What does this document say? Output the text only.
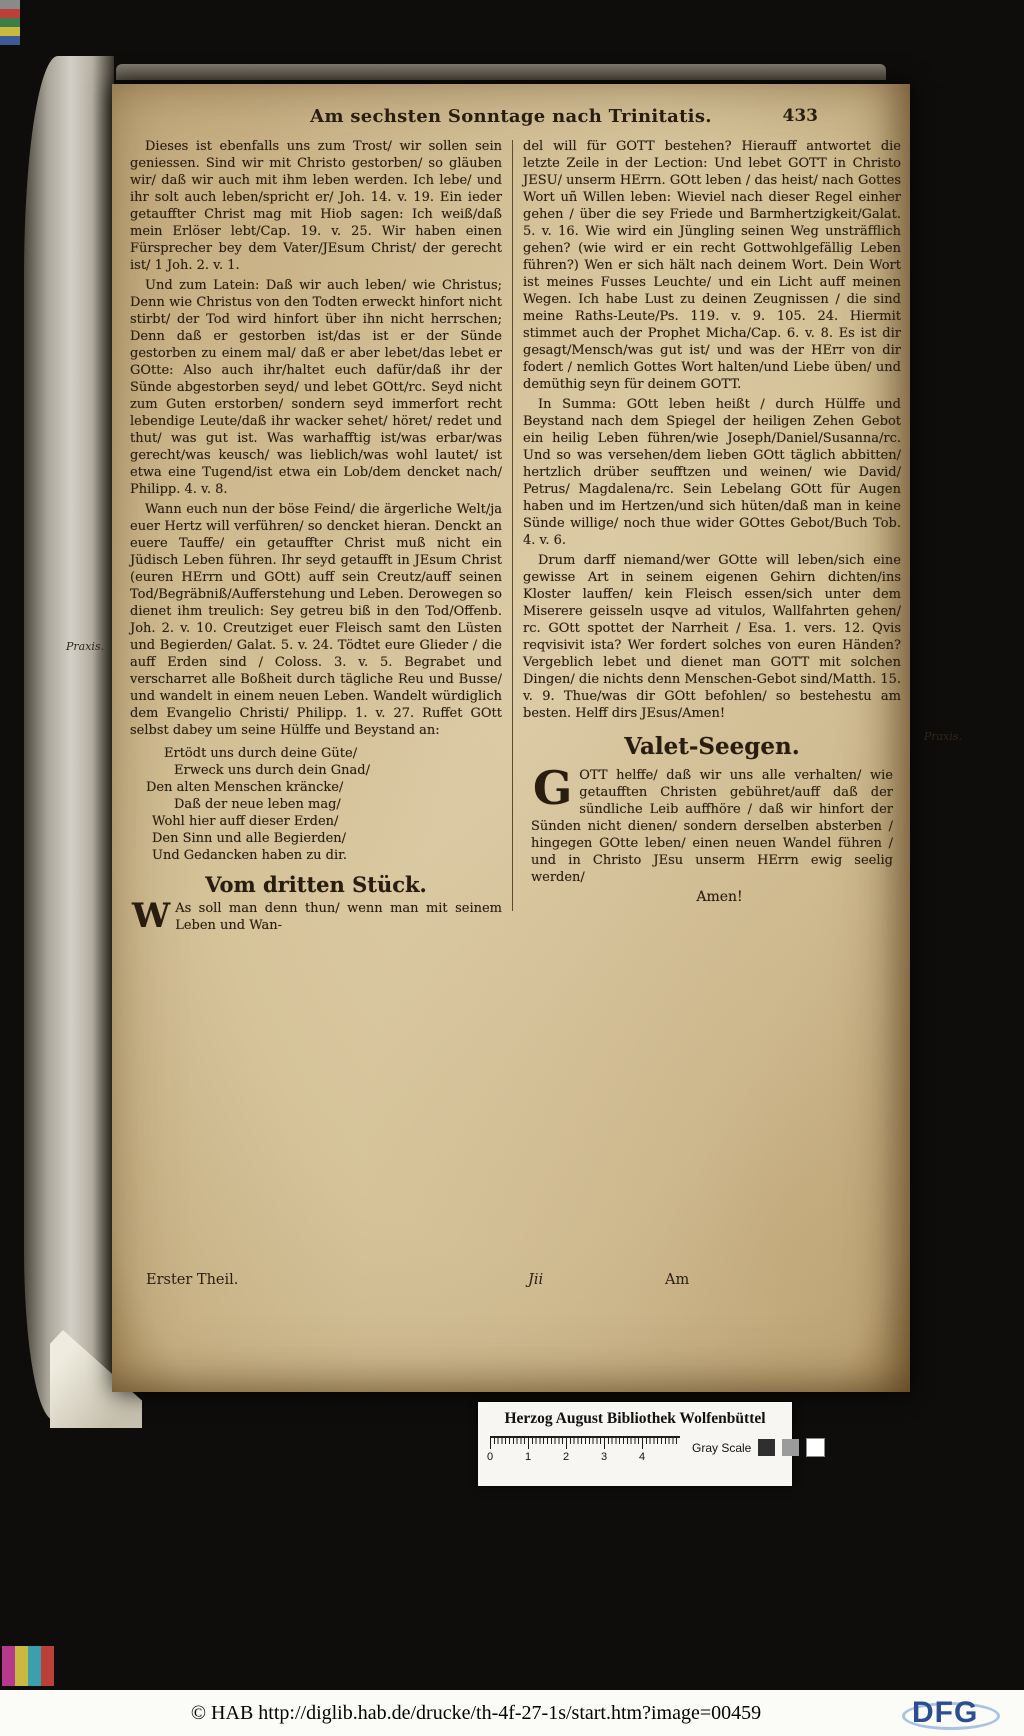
Am sechsten Sonntage nach Trinitatis.	433
Praxis.
Praxis.

Dieses ist ebenfalls uns zum Trost/ wir sollen sein geniessen. Sind wir mit Christo gestorben/ so gläuben wir/ daß wir auch mit ihm leben werden. Ich lebe/ und ihr solt auch leben/spricht er/ Joh. 14. v. 19. Ein ieder getauffter Christ mag mit Hiob sagen: Ich weiß/daß mein Erlöser lebt/Cap. 19. v. 25. Wir haben einen Fürsprecher bey dem Vater/JEsum Christ/ der gerecht ist/ 1 Joh. 2. v. 1.

Und zum Latein: Daß wir auch leben/ wie Christus; Denn wie Christus von den Todten erweckt hinfort nicht stirbt/ der Tod wird hinfort über ihn nicht herrschen; Denn daß er gestorben ist/das ist er der Sünde gestorben zu einem mal/ daß er aber lebet/das lebet er GOtte: Also auch ihr/haltet euch dafür/daß ihr der Sünde abgestorben seyd/ und lebet GOtt/rc. Seyd nicht zum Guten erstorben/ sondern seyd immerfort recht lebendige Leute/daß ihr wacker sehet/ höret/ redet und thut/ was gut ist. Was warhafftig ist/was erbar/was gerecht/was keusch/ was lieblich/was wohl lautet/ ist etwa eine Tugend/ist etwa ein Lob/dem dencket nach/ Philipp. 4. v. 8.

Wann euch nun der böse Feind/ die ärgerliche Welt/ja euer Hertz will verführen/ so dencket hieran. Denckt an euere Tauffe/ ein getauffter Christ muß nicht ein Jüdisch Leben führen. Ihr seyd getaufft in JEsum Christ (euren HErrn und GOtt) auff sein Creutz/auff seinen Tod/Begräbniß/Aufferstehung und Leben. Derowegen so dienet ihm treulich: Sey getreu biß in den Tod/Offenb. Joh. 2. v. 10. Creutziget euer Fleisch samt den Lüsten und Begierden/ Galat. 5. v. 24. Tödtet eure Glieder / die auff Erden sind / Coloss. 3. v. 5. Begrabet und verscharret alle Boßheit durch tägliche Reu und Busse/ und wandelt in einem neuen Leben. Wandelt würdiglich dem Evangelio Christi/ Philipp. 1. v. 27. Ruffet GOtt selbst dabey um seine Hülffe und Beystand an:

Ertödt uns durch deine Güte/
Erweck uns durch dein Gnad/
Den alten Menschen kräncke/
Daß der neue leben mag/
Wohl hier auff dieser Erden/
Den Sinn und alle Begierden/
Und Gedancken haben zu dir.
Vom dritten Stück.

W As soll man denn thun/ wenn man mit seinem Leben und Wan-

del will für GOTT bestehen? Hierauff antwortet die letzte Zeile in der Lection: Und lebet GOTT in Christo JESU/ unserm HErrn. GOtt leben / das heist/ nach Gottes Wort uñ Willen leben: Wieviel nach dieser Regel einher gehen / über die sey Friede und Barmhertzigkeit/Galat. 5. v. 16. Wie wird ein Jüngling seinen Weg unsträfflich gehen? (wie wird er ein recht Gottwohlgefällig Leben führen?) Wen er sich hält nach deinem Wort. Dein Wort ist meines Fusses Leuchte/ und ein Licht auff meinen Wegen. Ich habe Lust zu deinen Zeugnissen / die sind meine Raths-Leute/Ps. 119. v. 9. 105. 24. Hiermit stimmet auch der Prophet Micha/Cap. 6. v. 8. Es ist dir gesagt/Mensch/was gut ist/ und was der HErr von dir fodert / nemlich Gottes Wort halten/und Liebe üben/ und demüthig seyn für deinem GOTT.

In Summa: GOtt leben heißt / durch Hülffe und Beystand nach dem Spiegel der heiligen Zehen Gebot ein heilig Leben führen/wie Joseph/Daniel/Susanna/rc. Und so was versehen/dem lieben GOtt täglich abbitten/ hertzlich drüber seufftzen und weinen/ wie David/ Petrus/ Magdalena/rc. Sein Lebelang GOtt für Augen haben und im Hertzen/und sich hüten/daß man in keine Sünde willige/ noch thue wider GOttes Gebot/Buch Tob. 4. v. 6.

Drum darff niemand/wer GOtte will leben/sich eine gewisse Art in seinem eigenen Gehirn dichten/ins Kloster lauffen/ kein Fleisch essen/sich unter dem Miserere geisseln usqve ad vitulos, Wallfahrten gehen/ rc. GOtt spottet der Narrheit / Esa. 1. vers. 12. Qvis reqvisivit ista? Wer fordert solches von euren Händen? Vergeblich lebet und dienet man GOTT mit solchen Dingen/ die nichts denn Menschen-Gebot sind/Matth. 15. v. 9. Thue/was dir GOtt befohlen/ so bestehestu am besten. Helff dirs JEsus/Amen!

Valet-Seegen.

GOTT helffe/ daß wir uns alle verhalten/ wie getaufften Christen gebühret/auff daß der sündliche Leib auffhöre / daß wir hinfort der Sünden nicht dienen/ sondern derselben absterben / hingegen GOtte leben/ einen neuen Wandel führen / und in Christo JEsu unserm HErrn ewig seelig werden/

Amen!

Erster Theil.	Jii	Am
Herzog August Bibliothek Wolfenbüttel
0	1	2	3	4
Gray Scale
© HAB http://diglib.hab.de/drucke/th-4f-27-1s/start.htm?image=00459	DFG
